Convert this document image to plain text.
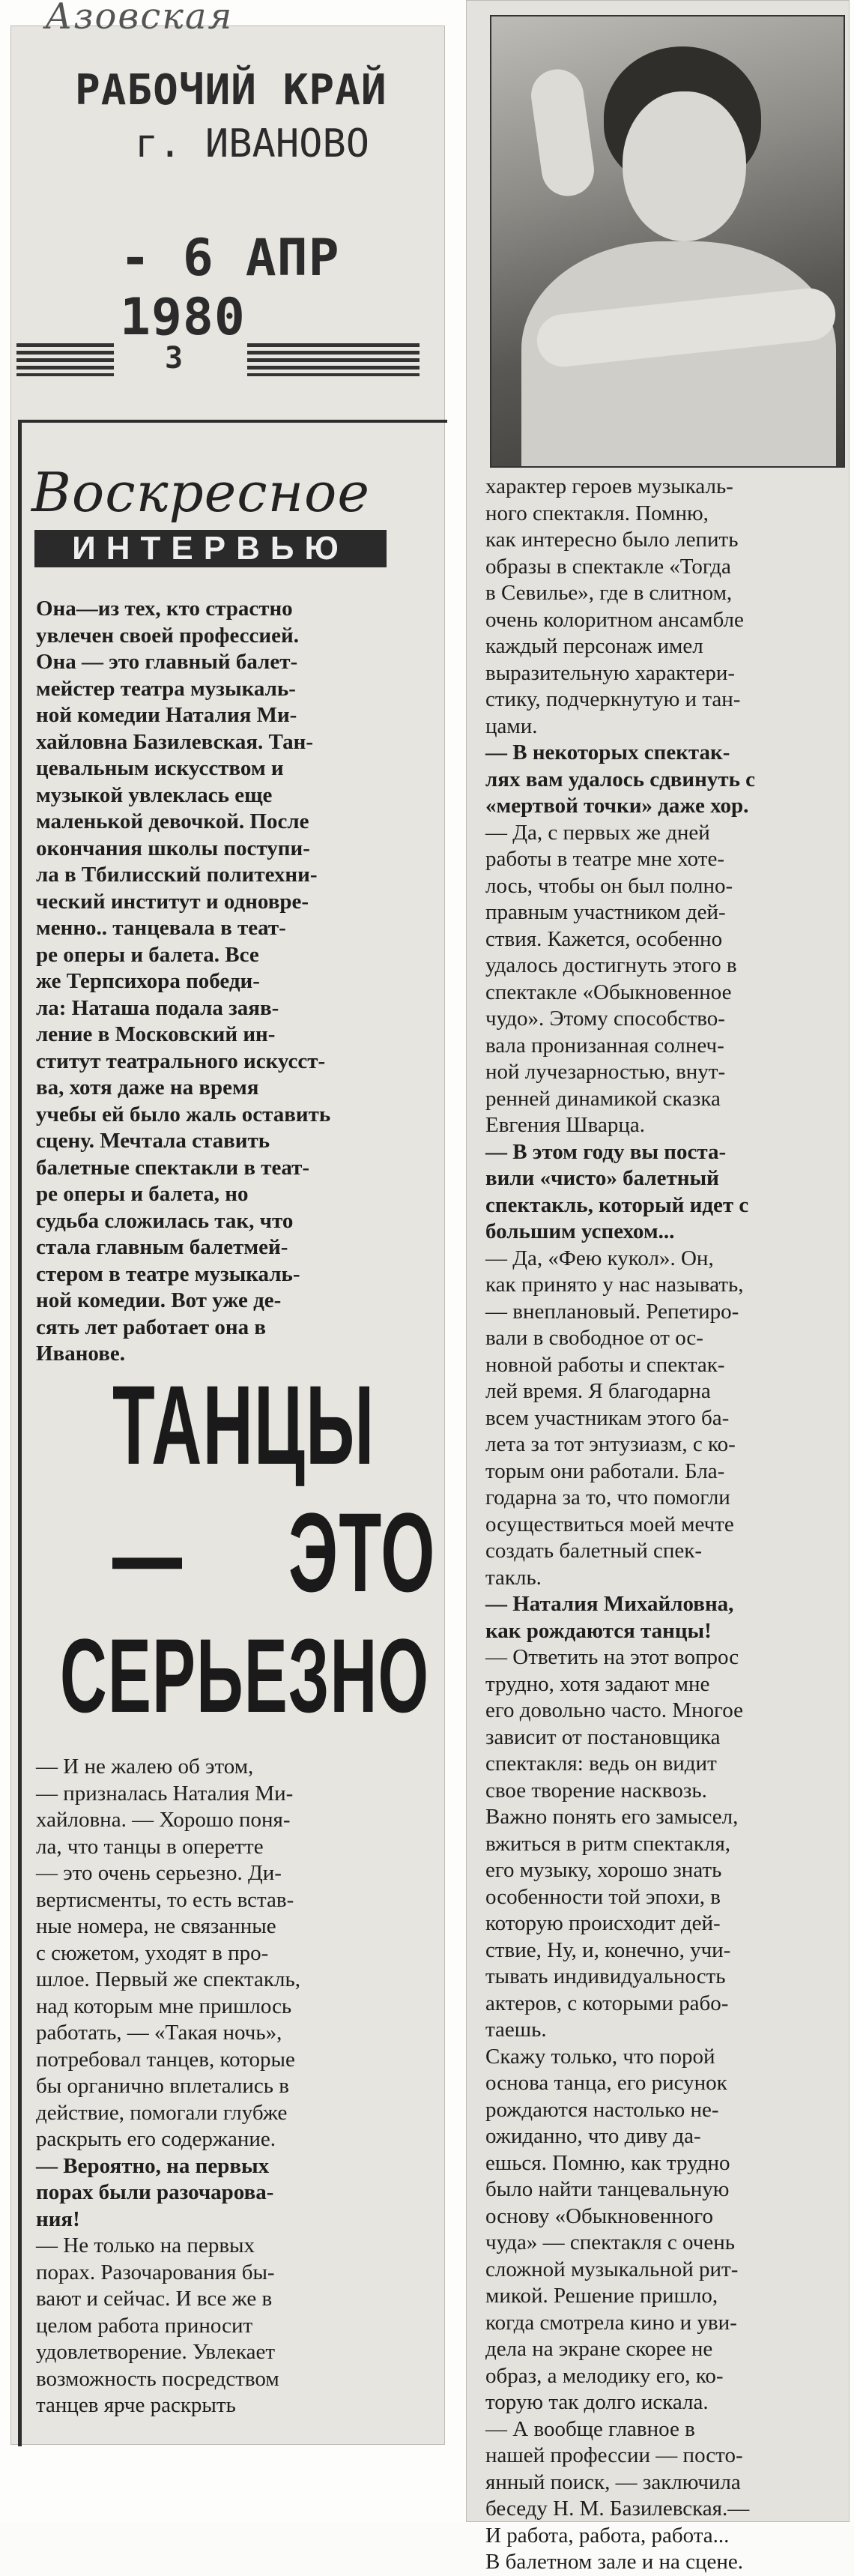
Азовская
РАБОЧИЙ КРАЙ
г. ИВАНОВО
- 6 АПР 1980
3
Воскресное
ИНТЕРВЬЮ
Она—из тех, кто страстно
увлечен своей профессией.
Она — это главный балет-
мейстер театра музыкаль-
ной комедии Наталия Ми-
хайловна Базилевская. Тан-
цевальным искусством и
музыкой увлеклась еще
маленькой девочкой. После
окончания школы поступи-
ла в Тбилисский политехни-
ческий институт и одновре-
менно.. танцевала в теат-
ре оперы и балета. Все
же Терпсихора победи-
ла: Наташа подала заяв-
ление в Московский ин-
ститут театрального искусст-
ва, хотя даже на время
учебы ей было жаль оставить
сцену. Мечтала ставить
балетные спектакли в теат-
ре оперы и балета, но
судьба сложилась так, что
стала главным балетмей-
стером в театре музыкаль-
ной комедии. Вот уже де-
сять лет работает она в
Иванове.
ТАНЦЫ— ЭТО
СЕРЬЕЗНО
— И не жалею об этом,
— призналась Наталия Ми-
хайловна. — Хорошо поня-
ла, что танцы в оперетте
— это очень серьезно. Ди-
вертисменты, то есть встав-
ные номера, не связанные
с сюжетом, уходят в про-
шлое. Первый же спектакль,
над которым мне пришлось
работать, — «Такая ночь»,
потребовал танцев, которые
бы органично вплетались в
действие, помогали глубже
раскрыть его содержание.
— Вероятно, на первых
порах были разочарова-
ния!
— Не только на первых
порах. Разочарования бы-
вают и сейчас. И все же в
целом работа приносит
удовлетворение. Увлекает
возможность посредством
танцев ярче раскрыть
характер героев музыкаль-
ного спектакля. Помню,
как интересно было лепить
образы в спектакле «Тогда
в Севилье», где в слитном,
очень колоритном ансамбле
каждый персонаж имел
выразительную характери-
стику, подчеркнутую и тан-
цами.
— В некоторых спектак-
лях вам удалось сдвинуть с
«мертвой точки» даже хор.
— Да, с первых же дней
работы в театре мне хоте-
лось, чтобы он был полно-
правным участником дей-
ствия. Кажется, особенно
удалось достигнуть этого в
спектакле «Обыкновенное
чудо». Этому способство-
вала пронизанная солнеч-
ной лучезарностью, внут-
ренней динамикой сказка
Евгения Шварца.
— В этом году вы поста-
вили «чисто» балетный
спектакль, который идет с
большим успехом...
— Да, «Фею кукол». Он,
как принято у нас называть,
— внеплановый. Репетиро-
вали в свободное от ос-
новной работы и спектак-
лей время. Я благодарна
всем участникам этого ба-
лета за тот энтузиазм, с ко-
торым они работали. Бла-
годарна за то, что помогли
осуществиться моей мечте
создать балетный спек-
такль.
— Наталия Михайловна,
как рождаются танцы!
— Ответить на этот вопрос
трудно, хотя задают мне
его довольно часто. Многое
зависит от постановщика
спектакля: ведь он видит
свое творение насквозь.
Важно понять его замысел,
вжиться в ритм спектакля,
его музыку, хорошо знать
особенности той эпохи, в
которую происходит дей-
ствие, Ну, и, конечно, учи-
тывать индивидуальность
актеров, с которыми рабо-
таешь.
Скажу только, что порой
основа танца, его рисунок
рождаются настолько не-
ожиданно, что диву да-
ешься. Помню, как трудно
было найти танцевальную
основу «Обыкновенного
чуда» — спектакля с очень
сложной музыкальной рит-
микой. Решение пришло,
когда смотрела кино и уви-
дела на экране скорее не
образ, а мелодику его, ко-
торую так долго искала.
— А вообще главное в
нашей профессии — посто-
янный поиск, — заключила
беседу Н. М. Базилевская.—
И работа, работа, работа...
В балетном зале и на сцене.
